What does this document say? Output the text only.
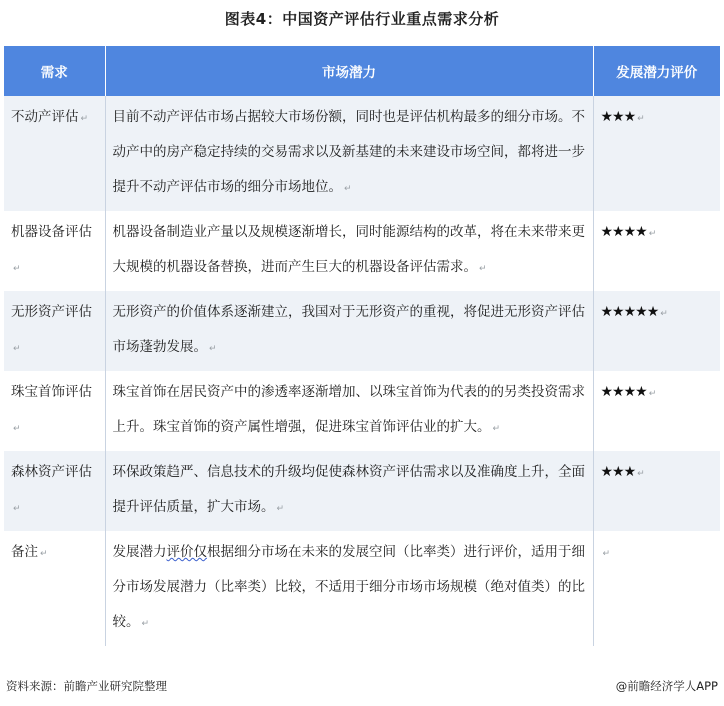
图表4：中国资产评估行业重点需求分析
需求	市场潜力	发展潜力评价
不动产评估 ↵	目前不动产评估市场占据较大市场份额，同时也是评估机构最多的细分市场。不动产中的房产稳定持续的交易需求以及新基建的未来建设市场空间，都将进一步提升不动产评估市场的细分市场地位。 ↵	★★★ ↵
机器设备评估↵	机器设备制造业产量以及规模逐渐增长，同时能源结构的改革，将在未来带来更大规模的机器设备替换，进而产生巨大的机器设备评估需求。 ↵	★★★★ ↵
无形资产评估↵	无形资产的价值体系逐渐建立，我国对于无形资产的重视，将促进无形资产评估市场蓬勃发展。 ↵	★★★★★ ↵
珠宝首饰评估↵	珠宝首饰在居民资产中的渗透率逐渐增加、以珠宝首饰为代表的的另类投资需求上升。珠宝首饰的资产属性增强，促进珠宝首饰评估业的扩大。 ↵	★★★★ ↵
森林资产评估↵	环保政策趋严、信息技术的升级均促使森林资产评估需求以及准确度上升，全面提升评估质量，扩大市场。 ↵	★★★ ↵
备注 ↵	发展潜力评价仅根据细分市场在未来的发展空间（比率类）进行评价，适用于细分市场发展潜力（比率类）比较，不适用于细分市场市场规模（绝对值类）的比较。 ↵	↵
资料来源：前瞻产业研究院整理	@前瞻经济学人APP
